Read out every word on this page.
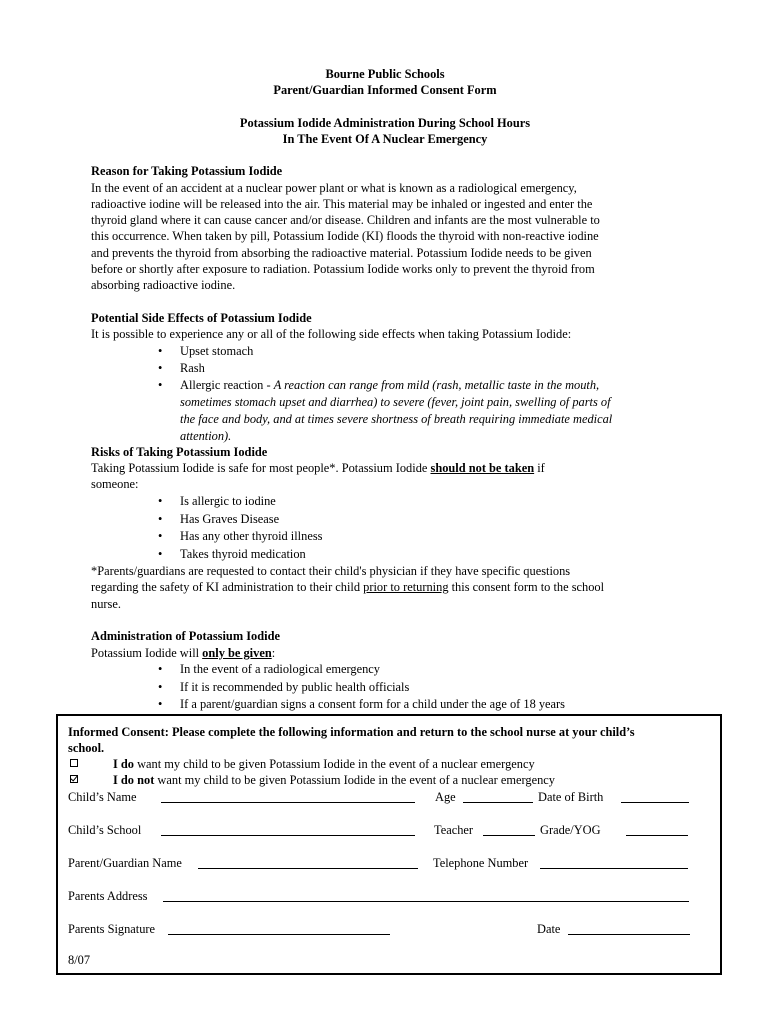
Bourne Public Schools
Parent/Guardian Informed Consent Form
Potassium Iodide Administration During School Hours
In The Event Of A Nuclear Emergency
Reason for Taking Potassium Iodide
In the event of an accident at a nuclear power plant or what is known as a radiological emergency,
radioactive iodine will be released into the air. This material may be inhaled or ingested and enter the
thyroid gland where it can cause cancer and/or disease. Children and infants are the most vulnerable to
this occurrence. When taken by pill, Potassium Iodide (KI) floods the thyroid with non-reactive iodine
and prevents the thyroid from absorbing the radioactive material. Potassium Iodide needs to be given
before or shortly after exposure to radiation. Potassium Iodide works only to prevent the thyroid from
absorbing radioactive iodine.
Potential Side Effects of Potassium Iodide
It is possible to experience any or all of the following side effects when taking Potassium Iodide:
• Upset stomach
• Rash
• Allergic reaction - A reaction can range from mild (rash, metallic taste in the mouth,
sometimes stomach upset and diarrhea) to severe (fever, joint pain, swelling of parts of
the face and body, and at times severe shortness of breath requiring immediate medical
attention).
Risks of Taking Potassium Iodide
Taking Potassium Iodide is safe for most people*. Potassium Iodide should not be taken if
someone:
• Is allergic to iodine
• Has Graves Disease
• Has any other thyroid illness
• Takes thyroid medication
*Parents/guardians are requested to contact their child's physician if they have specific questions
regarding the safety of KI administration to their child prior to returning this consent form to the school
nurse.
Administration of Potassium Iodide
Potassium Iodide will only be given:
• In the event of a radiological emergency
• If it is recommended by public health officials
• If a parent/guardian signs a consent form for a child under the age of 18 years
Informed Consent: Please complete the following information and return to the school nurse at your child’s
school.
I do want my child to be given Potassium Iodide in the event of a nuclear emergency
I do not want my child to be given Potassium Iodide in the event of a nuclear emergency
Child’s Name	Age	Date of Birth
Child’s School	Teacher	Grade/YOG
Parent/Guardian Name	Telephone Number
Parents Address
Parents Signature	Date
8/07
